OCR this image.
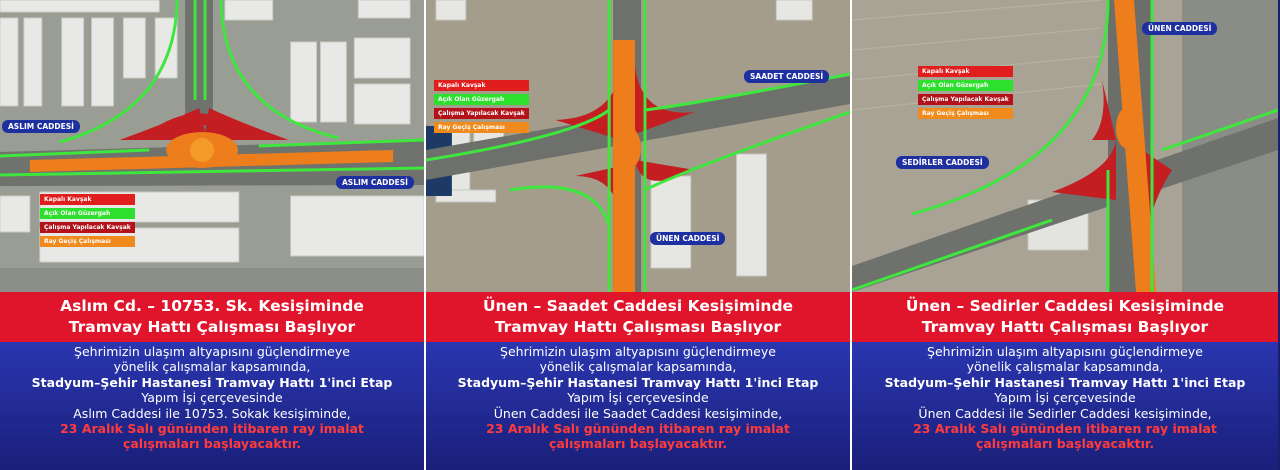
ASLIM CADDESİ
ASLIM CADDESİ
Kapalı Kavşak
Açık Olan Güzergah
Çalışma Yapılacak Kavşak
Ray Geçiş Çalışması
Aslım Cd. – 10753. Sk. Kesişiminde
Tramvay Hattı Çalışması Başlıyor
Şehrimizin ulaşım altyapısını güçlendirmeye
yönelik çalışmalar kapsamında,
Stadyum–Şehir Hastanesi Tramvay Hattı 1'inci Etap
Yapım İşi çerçevesinde
Aslım Caddesi ile 10753. Sokak kesişiminde,
23 Aralık Salı gününden itibaren ray imalat
çalışmaları başlayacaktır.
SAADET CADDESİ
ÜNEN CADDESİ
Kapalı Kavşak
Açık Olan Güzergah
Çalışma Yapılacak Kavşak
Ray Geçiş Çalışması
Ünen – Saadet Caddesi Kesişiminde
Tramvay Hattı Çalışması Başlıyor
Şehrimizin ulaşım altyapısını güçlendirmeye
yönelik çalışmalar kapsamında,
Stadyum–Şehir Hastanesi Tramvay Hattı 1'inci Etap
Yapım İşi çerçevesinde
Ünen Caddesi ile Saadet Caddesi kesişiminde,
23 Aralık Salı gününden itibaren ray imalat
çalışmaları başlayacaktır.
ÜNEN CADDESİ
SEDİRLER CADDESİ
Kapalı Kavşak
Açık Olan Güzergah
Çalışma Yapılacak Kavşak
Ray Geçiş Çalışması
Ünen – Sedirler Caddesi Kesişiminde
Tramvay Hattı Çalışması Başlıyor
Şehrimizin ulaşım altyapısını güçlendirmeye
yönelik çalışmalar kapsamında,
Stadyum–Şehir Hastanesi Tramvay Hattı 1'inci Etap
Yapım İşi çerçevesinde
Ünen Caddesi ile Sedirler Caddesi kesişiminde,
23 Aralık Salı gününden itibaren ray imalat
çalışmaları başlayacaktır.
